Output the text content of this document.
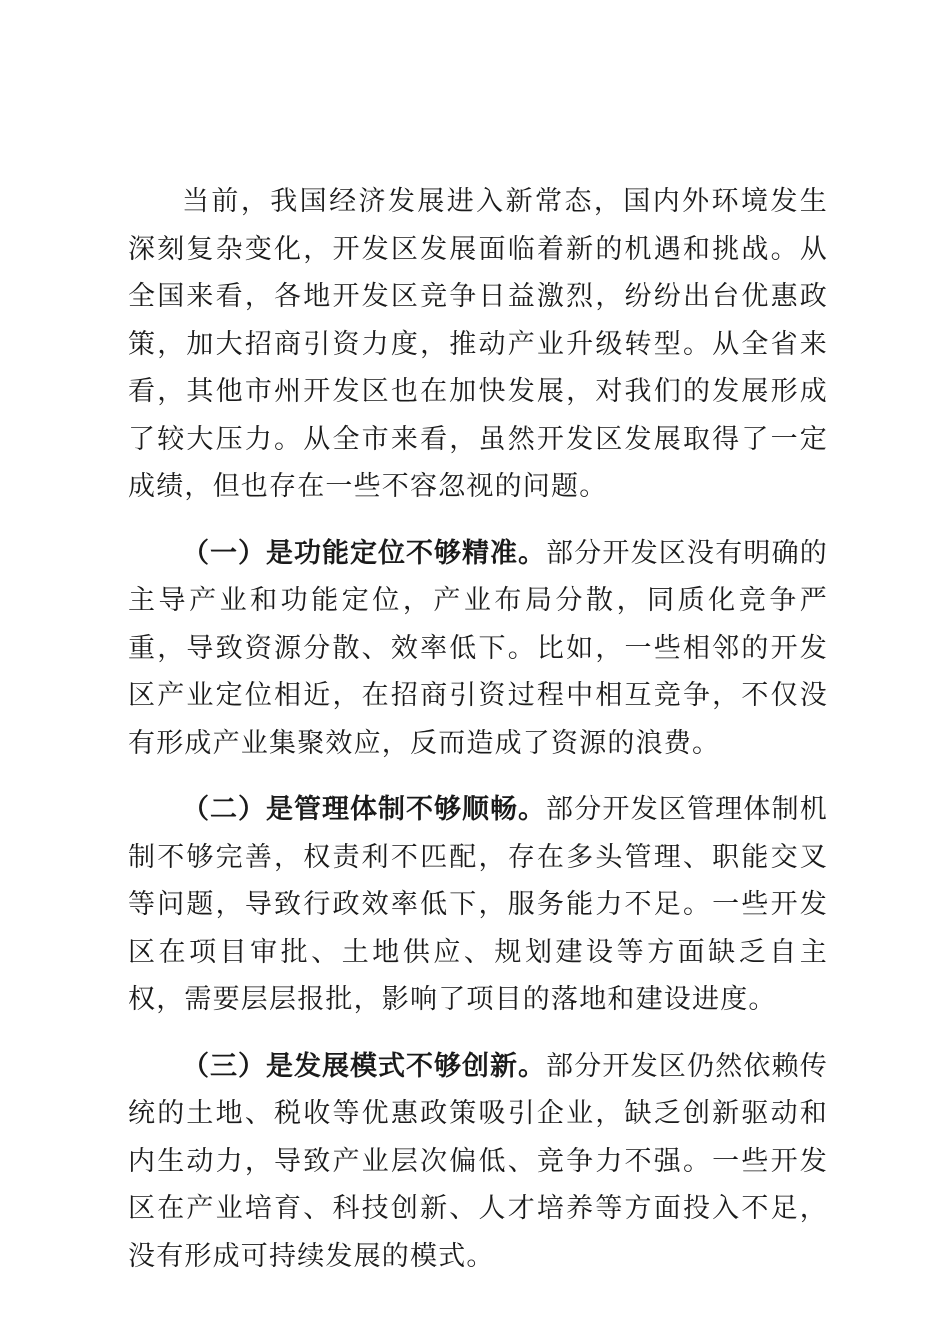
当前，我国经济发展进入新常态，国内外环境发生深刻复杂变化，开发区发展面临着新的机遇和挑战。从全国来看，各地开发区竞争日益激烈，纷纷出台优惠政策，加大招商引资力度，推动产业升级转型。从全省来看，其他市州开发区也在加快发展，对我们的发展形成了较大压力。从全市来看，虽然开发区发展取得了一定成绩，但也存在一些不容忽视的问题。

（一）是功能定位不够精准。部分开发区没有明确的主导产业和功能定位，产业布局分散，同质化竞争严重，导致资源分散、效率低下。比如，一些相邻的开发区产业定位相近，在招商引资过程中相互竞争，不仅没有形成产业集聚效应，反而造成了资源的浪费。

（二）是管理体制不够顺畅。部分开发区管理体制机制不够完善，权责利不匹配，存在多头管理、职能交叉等问题，导致行政效率低下，服务能力不足。一些开发区在项目审批、土地供应、规划建设等方面缺乏自主权，需要层层报批，影响了项目的落地和建设进度。

（三）是发展模式不够创新。部分开发区仍然依赖传统的土地、税收等优惠政策吸引企业，缺乏创新驱动和内生动力，导致产业层次偏低、竞争力不强。一些开发区在产业培育、科技创新、人才培养等方面投入不足，没有形成可持续发展的模式。
